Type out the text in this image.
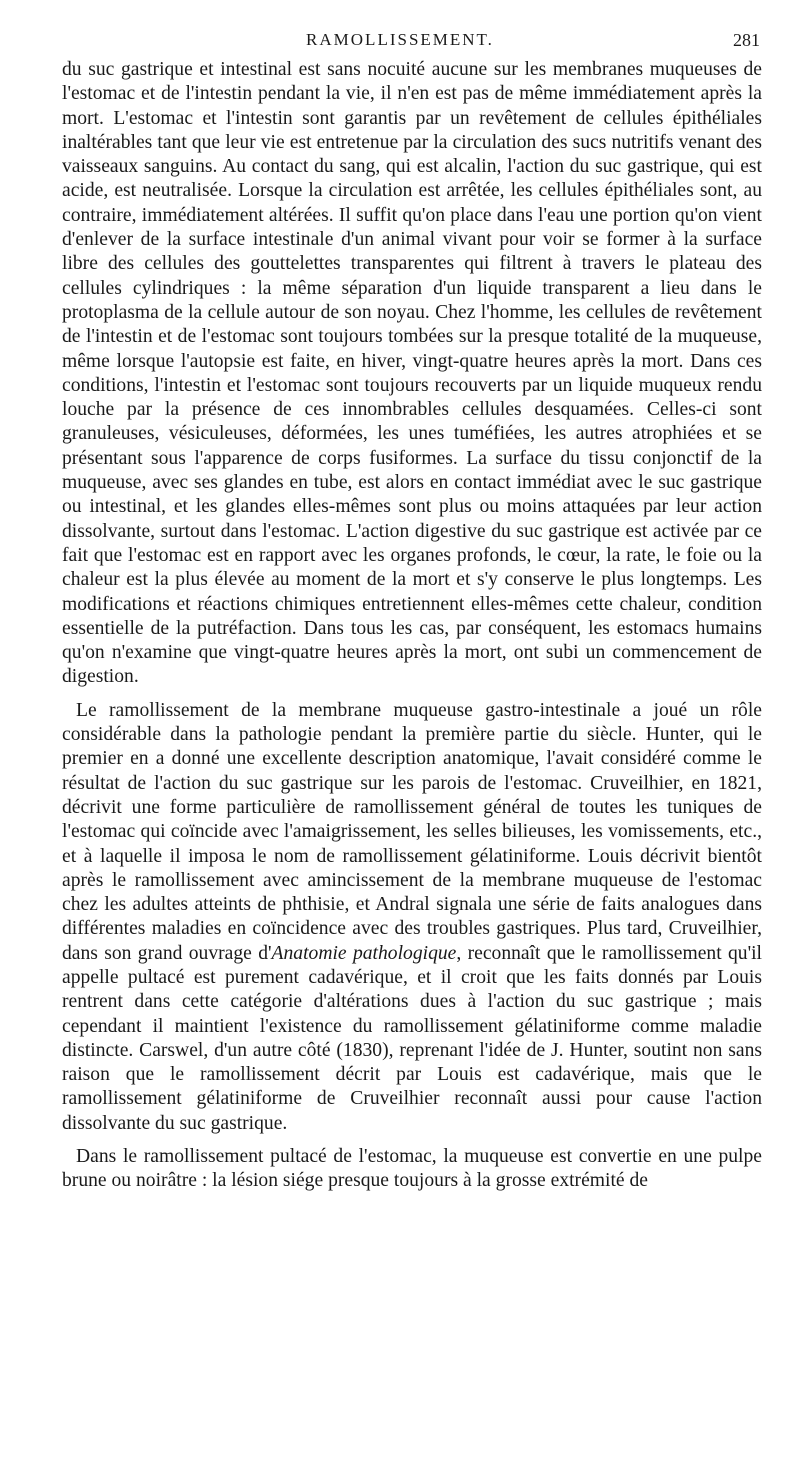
RAMOLLISSEMENT.	281

du suc gastrique et intestinal est sans nocuité aucune sur les membranes muqueuses de l'estomac et de l'intestin pendant la vie, il n'en est pas de même immédiatement après la mort. L'estomac et l'intestin sont garantis par un revêtement de cellules épithéliales inaltérables tant que leur vie est entretenue par la circulation des sucs nutritifs venant des vaisseaux sanguins. Au contact du sang, qui est alcalin, l'action du suc gastrique, qui est acide, est neutralisée. Lorsque la circulation est arrêtée, les cellules épithéliales sont, au contraire, immédiatement altérées. Il suffit qu'on place dans l'eau une portion qu'on vient d'enlever de la surface intestinale d'un animal vivant pour voir se former à la surface libre des cellules des gouttelettes transparentes qui filtrent à travers le plateau des cellules cylindriques : la même séparation d'un liquide transparent a lieu dans le protoplasma de la cellule autour de son noyau. Chez l'homme, les cellules de revêtement de l'intestin et de l'estomac sont toujours tombées sur la presque totalité de la muqueuse, même lorsque l'autopsie est faite, en hiver, vingt-quatre heures après la mort. Dans ces conditions, l'intestin et l'estomac sont toujours recouverts par un liquide muqueux rendu louche par la présence de ces innombrables cellules desquamées. Celles-ci sont granuleuses, vésiculeuses, déformées, les unes tuméfiées, les autres atrophiées et se présentant sous l'apparence de corps fusiformes. La surface du tissu conjonctif de la muqueuse, avec ses glandes en tube, est alors en contact immédiat avec le suc gastrique ou intestinal, et les glandes elles-mêmes sont plus ou moins attaquées par leur action dissolvante, surtout dans l'estomac. L'action digestive du suc gastrique est activée par ce fait que l'estomac est en rapport avec les organes profonds, le cœur, la rate, le foie ou la chaleur est la plus élevée au moment de la mort et s'y conserve le plus longtemps. Les modifications et réactions chimiques entretiennent elles-mêmes cette chaleur, condition essentielle de la putréfaction. Dans tous les cas, par conséquent, les estomacs humains qu'on n'examine que vingt-quatre heures après la mort, ont subi un commencement de digestion.

Le ramollissement de la membrane muqueuse gastro-intestinale a joué un rôle considérable dans la pathologie pendant la première partie du siècle. Hunter, qui le premier en a donné une excellente description anatomique, l'avait considéré comme le résultat de l'action du suc gastrique sur les parois de l'estomac. Cruveilhier, en 1821, décrivit une forme particulière de ramollissement général de toutes les tuniques de l'estomac qui coïncide avec l'amaigrissement, les selles bilieuses, les vomissements, etc., et à laquelle il imposa le nom de ramollissement gélatiniforme. Louis décrivit bientôt après le ramollissement avec amincissement de la membrane muqueuse de l'estomac chez les adultes atteints de phthisie, et Andral signala une série de faits analogues dans différentes maladies en coïncidence avec des troubles gastriques. Plus tard, Cruveilhier, dans son grand ouvrage d'Anatomie pathologique, reconnaît que le ramollissement qu'il appelle pultacé est purement cadavérique, et il croit que les faits donnés par Louis rentrent dans cette catégorie d'altérations dues à l'action du suc gastrique ; mais cependant il maintient l'existence du ramollissement gélatiniforme comme maladie distincte. Carswel, d'un autre côté (1830), reprenant l'idée de J. Hunter, soutint non sans raison que le ramollissement décrit par Louis est cadavérique, mais que le ramollissement gélatiniforme de Cruveilhier reconnaît aussi pour cause l'action dissolvante du suc gastrique.

Dans le ramollissement pultacé de l'estomac, la muqueuse est convertie en une pulpe brune ou noirâtre : la lésion siége presque toujours à la grosse extrémité de
